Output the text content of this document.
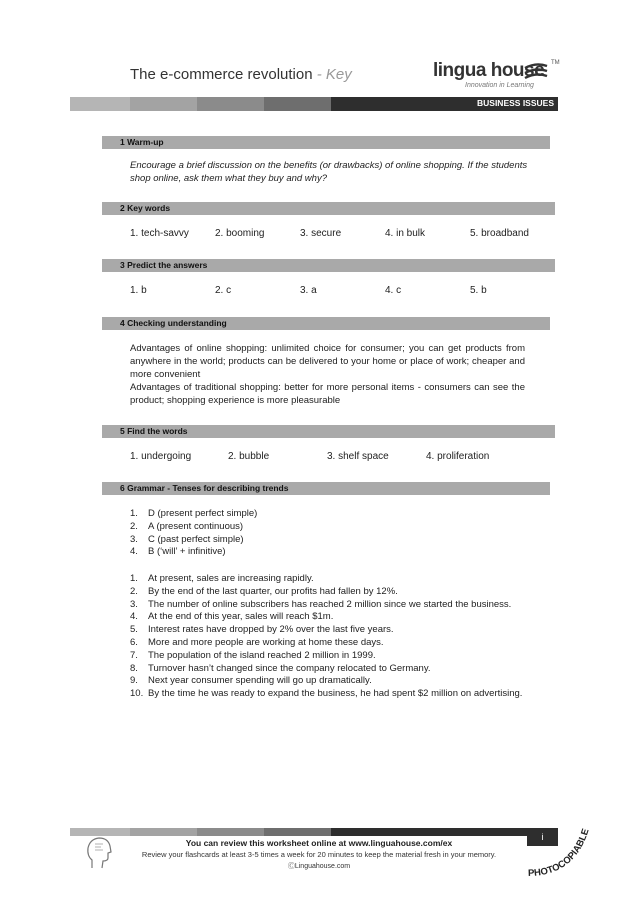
The e-commerce revolution - Key	lingua house
Innovation in Learning
TM
BUSINESS ISSUES
1 Warm-up
Encourage a brief discussion on the benefits (or drawbacks) of online shopping. If the students shop online, ask them what they buy and why?
2 Key words
1. tech-savvy	2. booming	3. secure	4. in bulk	5. broadband
3 Predict the answers
1. b	2. c	3. a	4. c	5. b
4 Checking understanding
Advantages of online shopping: unlimited choice for consumer; you can get products from anywhere in the world; products can be delivered to your home or place of work; cheaper and more convenient
Advantages of traditional shopping: better for more personal items - consumers can see the product; shopping experience is more pleasurable
5 Find the words
1. undergoing	2. bubble	3. shelf space	4. proliferation
6 Grammar - Tenses for describing trends
1. D (present perfect simple)
2. A (present continuous)
3. C (past perfect simple)
4. B (‘will’ + infinitive)
1. At present, sales are increasing rapidly.
2. By the end of the last quarter, our profits had fallen by 12%.
3. The number of online subscribers has reached 2 million since we started the business.
4. At the end of this year, sales will reach $1m.
5. Interest rates have dropped by 2% over the last five years.
6. More and more people are working at home these days.
7. The population of the island reached 2 million in 1999.
8. Turnover hasn’t changed since the company relocated to Germany.
9. Next year consumer spending will go up dramatically.
10. By the time he was ready to expand the business, he had spent $2 million on advertising.
i
You can review this worksheet online at www.linguahouse.com/ex
Review your flashcards at least 3-5 times a week for 20 minutes to keep the material fresh in your memory.
ⒸLinguahouse.com
PHOTOCOPIABLE
